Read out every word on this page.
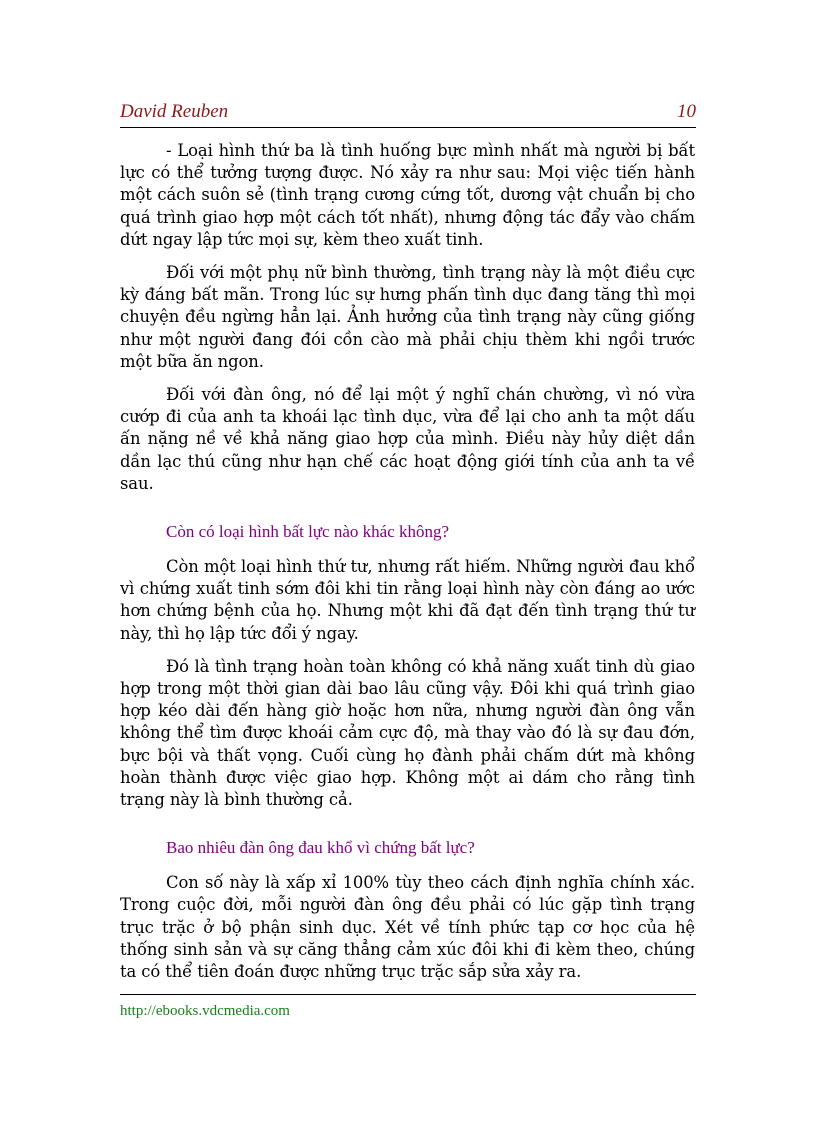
David Reuben	10

- Loại hình thứ ba là tình huống bực mình nhất mà người bị bất lực có thể tưởng tượng được. Nó xảy ra như sau: Mọi việc tiến hành một cách suôn sẻ (tình trạng cương cứng tốt, dương vật chuẩn bị cho quá trình giao hợp một cách tốt nhất), nhưng động tác đẩy vào chấm dứt ngay lập tức mọi sự, kèm theo xuất tinh.

Đối với một phụ nữ bình thường, tình trạng này là một điều cực kỳ đáng bất mãn. Trong lúc sự hưng phấn tình dục đang tăng thì mọi chuyện đều ngừng hẳn lại. Ảnh hưởng của tình trạng này cũng giống như một người đang đói cồn cào mà phải chịu thèm khi ngồi trước một bữa ăn ngon.

Đối với đàn ông, nó để lại một ý nghĩ chán chường, vì nó vừa cướp đi của anh ta khoái lạc tình dục, vừa để lại cho anh ta một dấu ấn nặng nề về khả năng giao hợp của mình. Điều này hủy diệt dần dần lạc thú cũng như hạn chế các hoạt động giới tính của anh ta về sau.

Còn có loại hình bất lực nào khác không?

Còn một loại hình thứ tư, nhưng rất hiếm. Những người đau khổ vì chứng xuất tinh sớm đôi khi tin rằng loại hình này còn đáng ao ước hơn chứng bệnh của họ. Nhưng một khi đã đạt đến tình trạng thứ tư này, thì họ lập tức đổi ý ngay.

Đó là tình trạng hoàn toàn không có khả năng xuất tinh dù giao hợp trong một thời gian dài bao lâu cũng vậy. Đôi khi quá trình giao hợp kéo dài đến hàng giờ hoặc hơn nữa, nhưng người đàn ông vẫn không thể tìm được khoái cảm cực độ, mà thay vào đó là sự đau đớn, bực bội và thất vọng. Cuối cùng họ đành phải chấm dứt mà không hoàn thành được việc giao hợp. Không một ai dám cho rằng tình trạng này là bình thường cả.

Bao nhiêu đàn ông đau khổ vì chứng bất lực?

Con số này là xấp xỉ 100% tùy theo cách định nghĩa chính xác. Trong cuộc đời, mỗi người đàn ông đều phải có lúc gặp tình trạng trục trặc ở bộ phận sinh dục. Xét về tính phức tạp cơ học của hệ thống sinh sản và sự căng thẳng cảm xúc đôi khi đi kèm theo, chúng ta có thể tiên đoán được những trục trặc sắp sửa xảy ra.

http://ebooks.vdcmedia.com
